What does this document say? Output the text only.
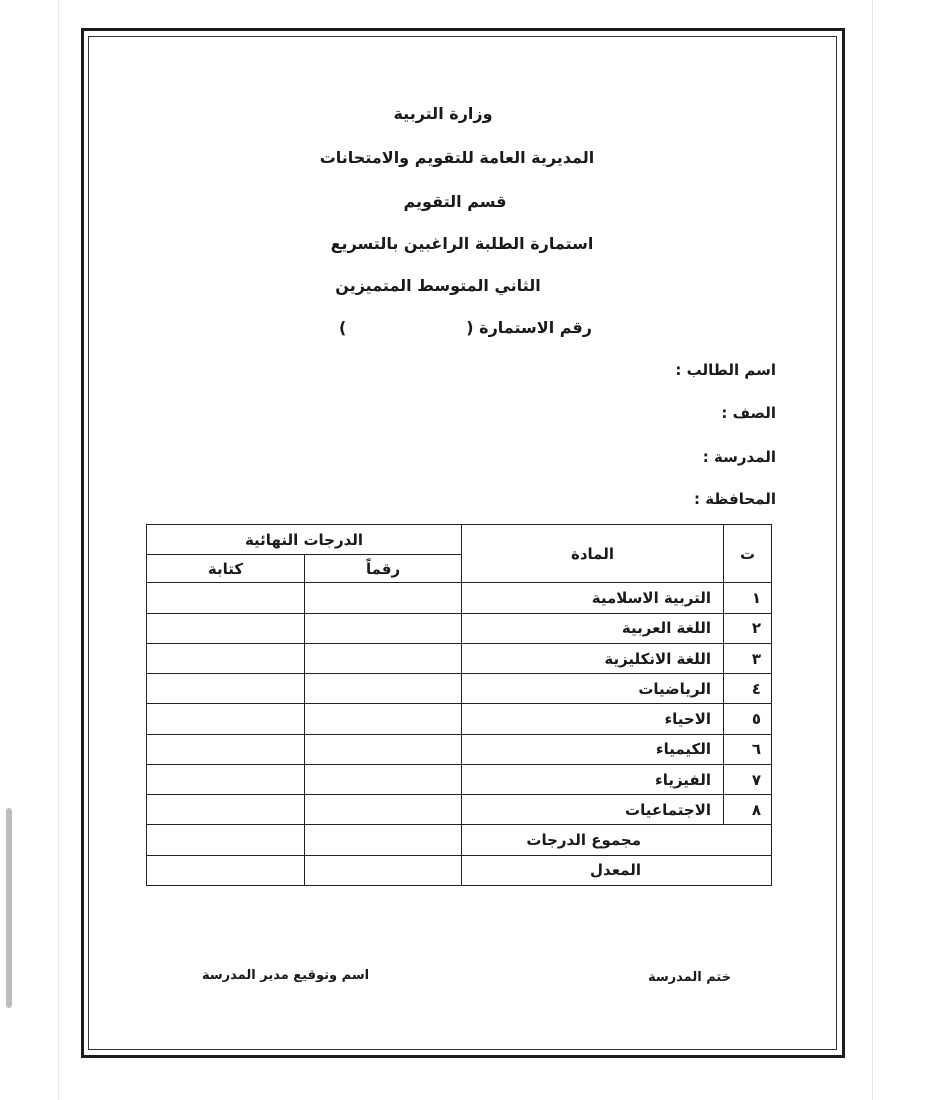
وزارة التربية
المديرية العامة للتقويم والامتحانات
قسم التقويم
استمارة الطلبة الراغبين بالتسريع
الثاني المتوسط المتميزين
رقم الاستمارة ()
اسم الطالب :
الصف :
المدرسة :
المحافظة :
ت	المادة	الدرجات النهائية	
		رقماً	كتابة
١	التربية الاسلامية		
٢	اللغة العربية		
٣	اللغة الانكليزية		
٤	الرياضيات		
٥	الاحياء		
٦	الكيمياء		
٧	الفيزياء		
٨	الاجتماعيات		
مجموع الدرجات			
المعدل			
اسم وتوقيع مدير المدرسة	ختم المدرسة
